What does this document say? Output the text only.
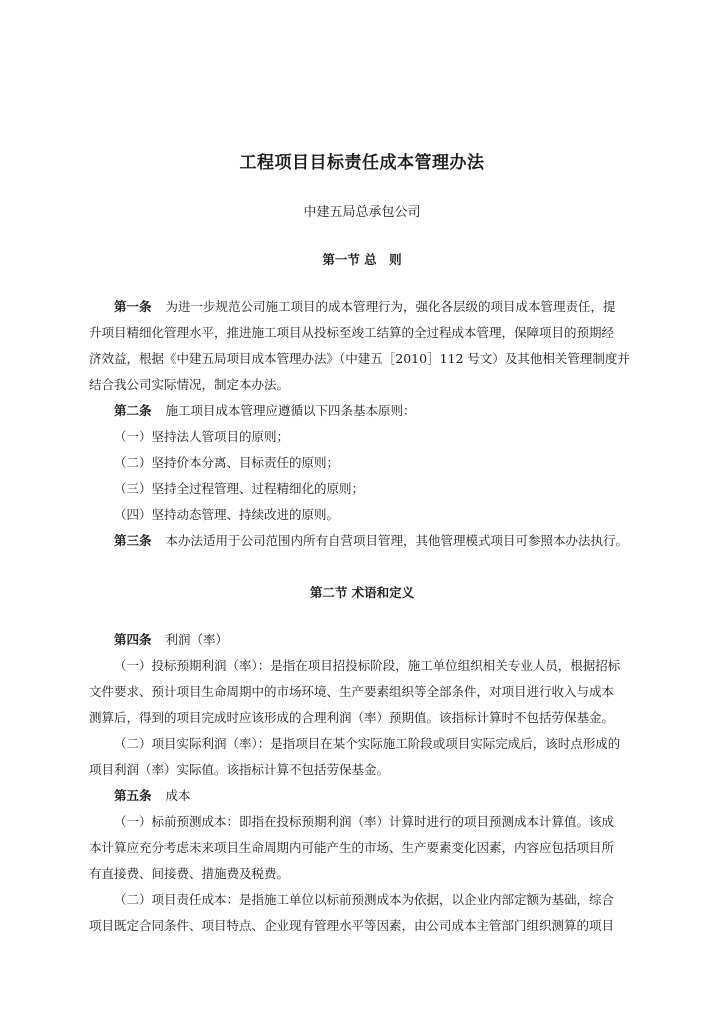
工程项目目标责任成本管理办法
中建五局总承包公司
第一节 总　则
第一条 为进一步规范公司施工项目的成本管理行为，强化各层级的项目成本管理责任，提
升项目精细化管理水平，推进施工项目从投标至竣工结算的全过程成本管理，保障项目的预期经
济效益，根据《中建五局项目成本管理办法》（中建五［2010］112 号文）及其他相关管理制度并
结合我公司实际情况，制定本办法。
第二条 施工项目成本管理应遵循以下四条基本原则：
（一）坚持法人管项目的原则；
（二）坚持价本分离、目标责任的原则；
（三）坚持全过程管理、过程精细化的原则；
（四）坚持动态管理、持续改进的原则。
第三条 本办法适用于公司范围内所有自营项目管理，其他管理模式项目可参照本办法执行。
第二节 术语和定义
第四条 利润（率）
（一）投标预期利润（率）：是指在项目招投标阶段，施工单位组织相关专业人员，根据招标
文件要求、预计项目生命周期中的市场环境、生产要素组织等全部条件，对项目进行收入与成本
测算后，得到的项目完成时应该形成的合理利润（率）预期值。该指标计算时不包括劳保基金。
（二）项目实际利润（率）：是指项目在某个实际施工阶段或项目实际完成后，该时点形成的
项目利润（率）实际值。该指标计算不包括劳保基金。
第五条 成本
（一）标前预测成本：即指在投标预期利润（率）计算时进行的项目预测成本计算值。该成
本计算应充分考虑未来项目生命周期内可能产生的市场、生产要素变化因素，内容应包括项目所
有直接费、间接费、措施费及税费。
（二）项目责任成本：是指施工单位以标前预测成本为依据，以企业内部定额为基础，综合
项目既定合同条件、项目特点、企业现有管理水平等因素，由公司成本主管部门组织测算的项目
